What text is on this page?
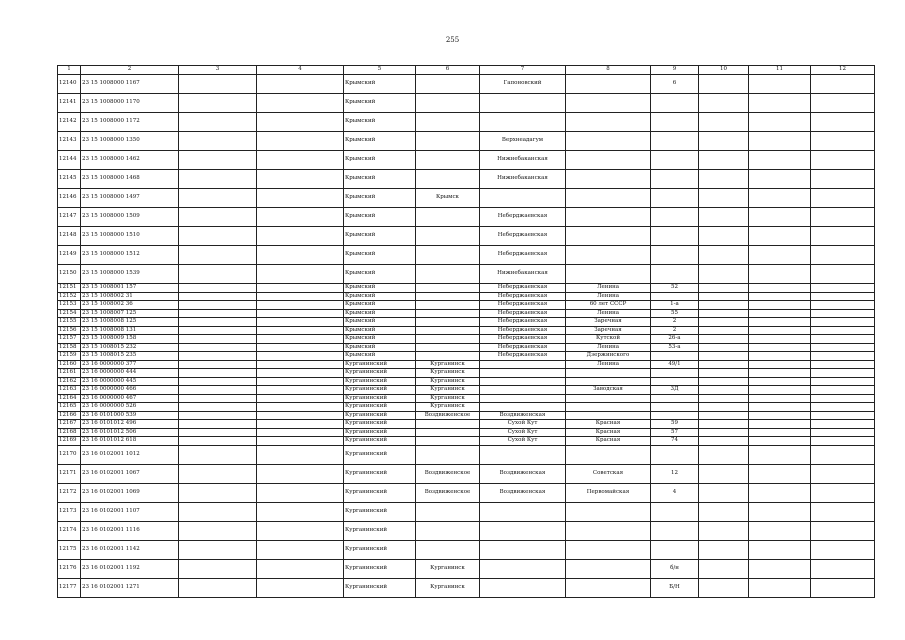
255
1	2	3	4	5	6	7	8	9	10	11	12
12140	23 15 1008000 1167			Крымский		Гапоновский		6			
12141	23 15 1008000 1170			Крымский							
12142	23 15 1008000 1172			Крымский							
12143	23 15 1008000 1350			Крымский		Верхнеадагум					
12144	23 15 1008000 1462			Крымский		Нижнебаканская					
12145	23 15 1008000 1468			Крымский		Нижнебаканская					
12146	23 15 1008000 1497			Крымский	Крымск						
12147	23 15 1008000 1509			Крымский		Неберджаевская					
12148	23 15 1008000 1510			Крымский		Неберджаевская					
12149	23 15 1008000 1512			Крымский		Неберджаевская					
12150	23 15 1008000 1539			Крымский		Нижнебаканская					
12151	23 15 1008001 157			Крымский		Неберджаевская	Ленина	52			
12152	23 15 1008002 31			Крымский		Неберджаевская	Ленина				
12153	23 15 1008002 36			Крымский		Неберджаевская	60 лет СССР	1-а			
12154	23 15 1008007 125			Крымский		Неберджаевская	Ленина	55			
12155	23 15 1008008 125			Крымский		Неберджаевская	Заречная	2			
12156	23 15 1008008 131			Крымский		Неберджаевская	Заречная	2			
12157	23 15 1008009 158			Крымский		Неберджаевская	Кутской	26-а			
12158	23 15 1008015 232			Крымский		Неберджаевская	Ленина	53-а			
12159	23 15 1008015 235			Крымский		Неберджаевская	Дзержинского				
12160	23 16 0000000 377			Курганинский	Курганинск		Ленина	49/1			
12161	23 16 0000000 444			Курганинский	Курганинск						
12162	23 16 0000000 445			Курганинский	Курганинск						
12163	23 16 0000000 466			Курганинский	Курганинск		Заводская	3Д			
12164	23 16 0000000 467			Курганинский	Курганинск						
12165	23 16 0000000 526			Курганинский	Курганинск						
12166	23 16 0101000 539			Курганинский	Воздвиженское	Воздвиженская					
12167	23 16 0101012 496			Курганинский		Сухой Кут	Красная	59			
12168	23 16 0101012 506			Курганинский		Сухой Кут	Красная	57			
12169	23 16 0101012 618			Курганинский		Сухой Кут	Красная	74			
12170	23 16 0102001 1012			Курганинский							
12171	23 16 0102001 1067			Курганинский	Воздвиженское	Воздвиженская	Советская	12			
12172	23 16 0102001 1069			Курганинский	Воздвиженское	Воздвиженская	Первомайская	4			
12173	23 16 0102001 1107			Курганинский							
12174	23 16 0102001 1116			Курганинский							
12175	23 16 0102001 1142			Курганинский							
12176	23 16 0102001 1192			Курганинский	Курганинск			б/н			
12177	23 16 0102001 1271			Курганинский	Курганинск			Б/Н			
